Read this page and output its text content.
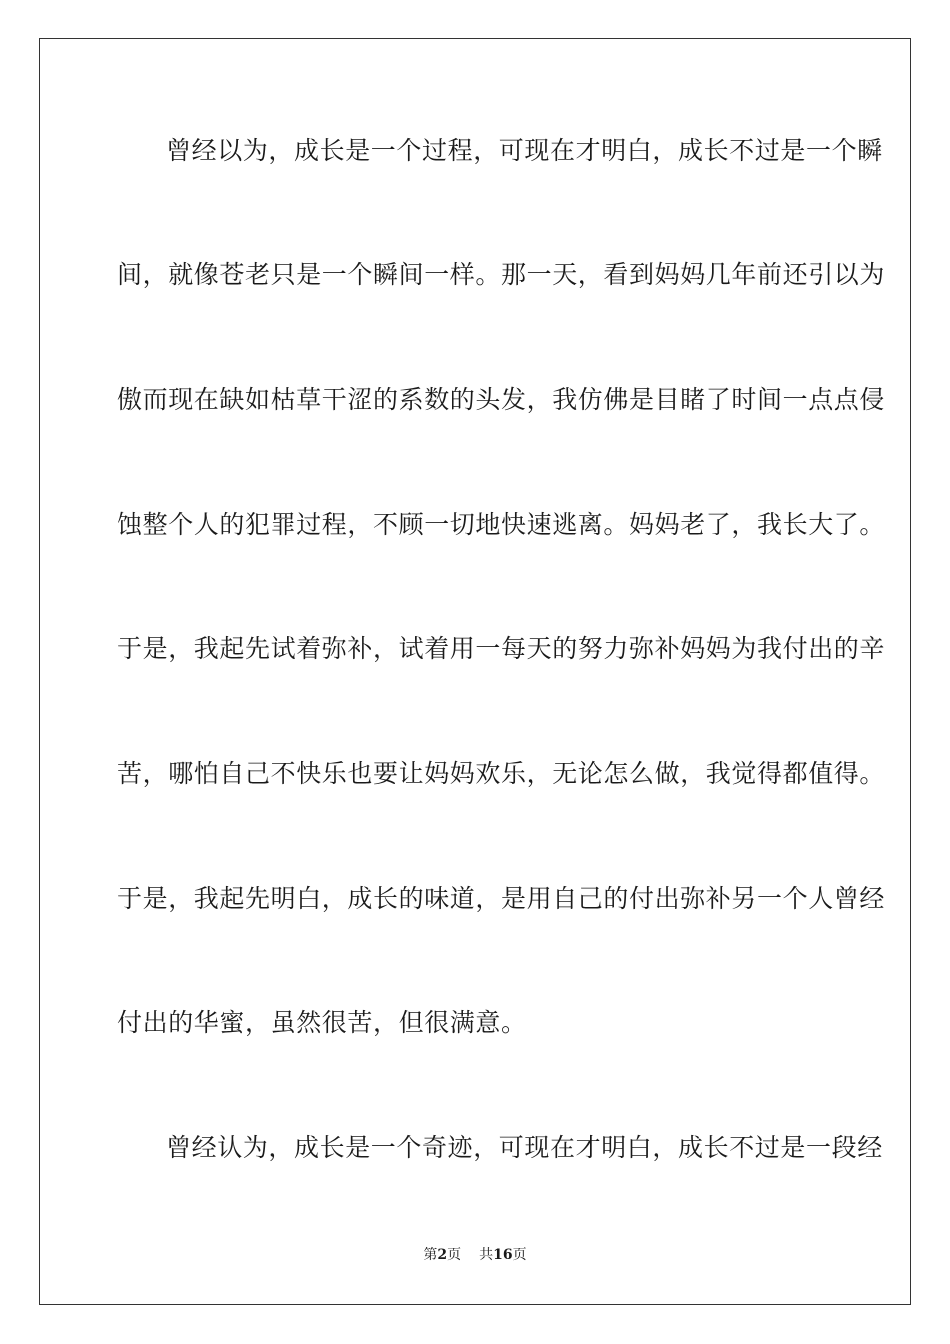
曾经以为，成长是一个过程，可现在才明白，成长不过是一个瞬
间，就像苍老只是一个瞬间一样。那一天，看到妈妈几年前还引以为
傲而现在缺如枯草干涩的系数的头发，我仿佛是目睹了时间一点点侵
蚀整个人的犯罪过程，不顾一切地快速逃离。妈妈老了，我长大了。
于是，我起先试着弥补，试着用一每天的努力弥补妈妈为我付出的辛
苦，哪怕自己不快乐也要让妈妈欢乐，无论怎么做，我觉得都值得。
于是，我起先明白，成长的味道，是用自己的付出弥补另一个人曾经
付出的华蜜，虽然很苦，但很满意。
曾经认为，成长是一个奇迹，可现在才明白，成长不过是一段经
第2页 共16页
